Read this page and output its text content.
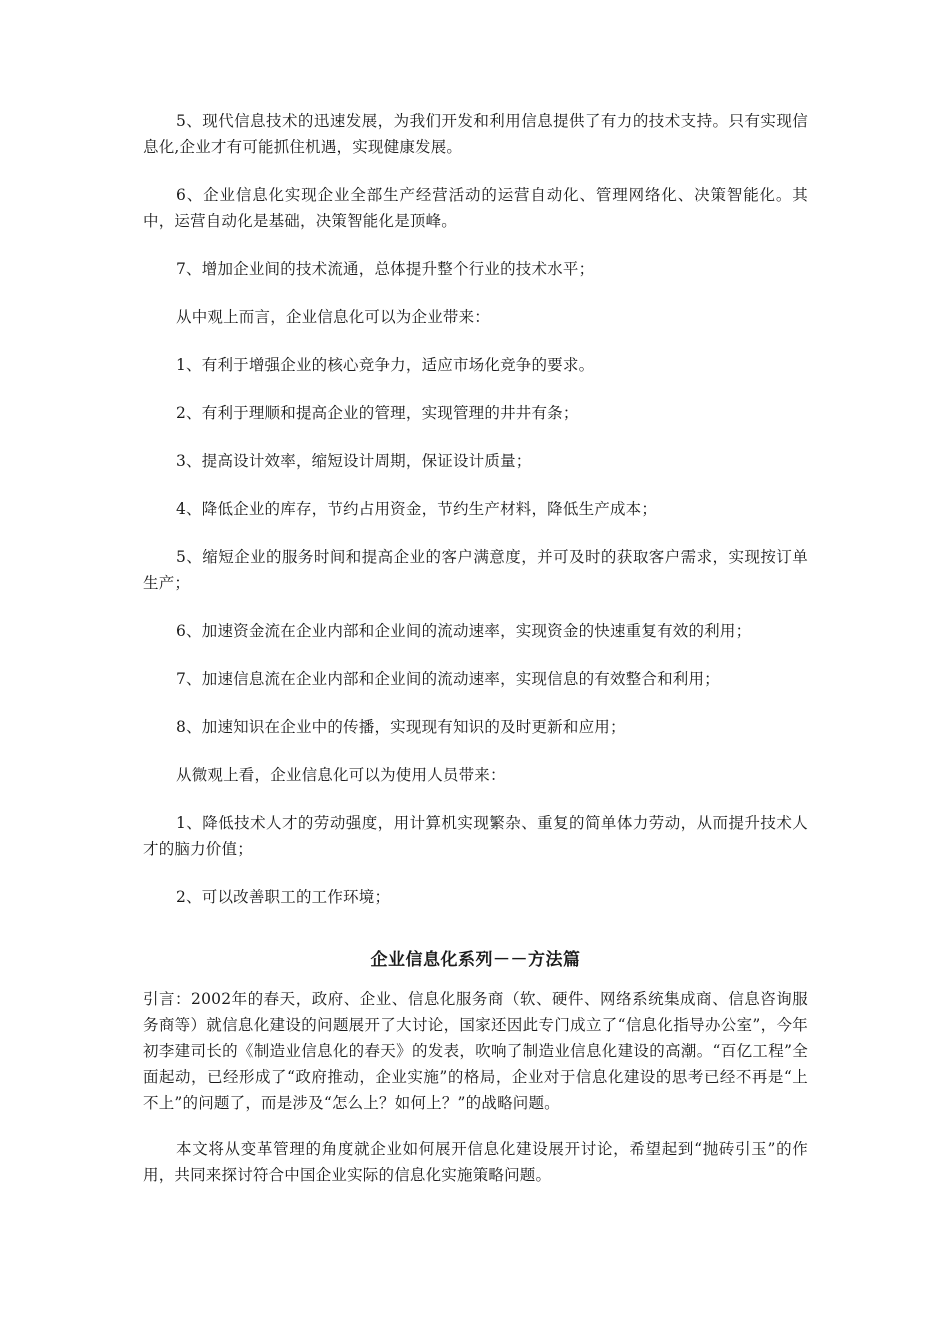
5、现代信息技术的迅速发展，为我们开发和利用信息提供了有力的技术支持。只有实现信息化,企业才有可能抓住机遇，实现健康发展。

6、企业信息化实现企业全部生产经营活动的运营自动化、管理网络化、决策智能化。其中，运营自动化是基础，决策智能化是顶峰。

7、增加企业间的技术流通，总体提升整个行业的技术水平；

从中观上而言，企业信息化可以为企业带来：

1、有利于增强企业的核心竞争力，适应市场化竞争的要求。

2、有利于理顺和提高企业的管理，实现管理的井井有条；

3、提高设计效率，缩短设计周期，保证设计质量；

4、降低企业的库存，节约占用资金，节约生产材料，降低生产成本；

5、缩短企业的服务时间和提高企业的客户满意度，并可及时的获取客户需求，实现按订单生产；

6、加速资金流在企业内部和企业间的流动速率，实现资金的快速重复有效的利用；

7、加速信息流在企业内部和企业间的流动速率，实现信息的有效整合和利用；

8、加速知识在企业中的传播，实现现有知识的及时更新和应用；

从微观上看，企业信息化可以为使用人员带来：

1、降低技术人才的劳动强度，用计算机实现繁杂、重复的简单体力劳动，从而提升技术人才的脑力价值；

2、可以改善职工的工作环境；

企业信息化系列－－方法篇

引言：2002年的春天，政府、企业、信息化服务商（软、硬件、网络系统集成商、信息咨询服务商等）就信息化建设的问题展开了大讨论，国家还因此专门成立了“信息化指导办公室”，今年初李建司长的《制造业信息化的春天》的发表，吹响了制造业信息化建设的高潮。“百亿工程”全面起动，已经形成了“政府推动，企业实施”的格局，企业对于信息化建设的思考已经不再是“上不上”的问题了，而是涉及“怎么上？如何上？”的战略问题。

本文将从变革管理的角度就企业如何展开信息化建设展开讨论，希望起到“抛砖引玉”的作用，共同来探讨符合中国企业实际的信息化实施策略问题。
